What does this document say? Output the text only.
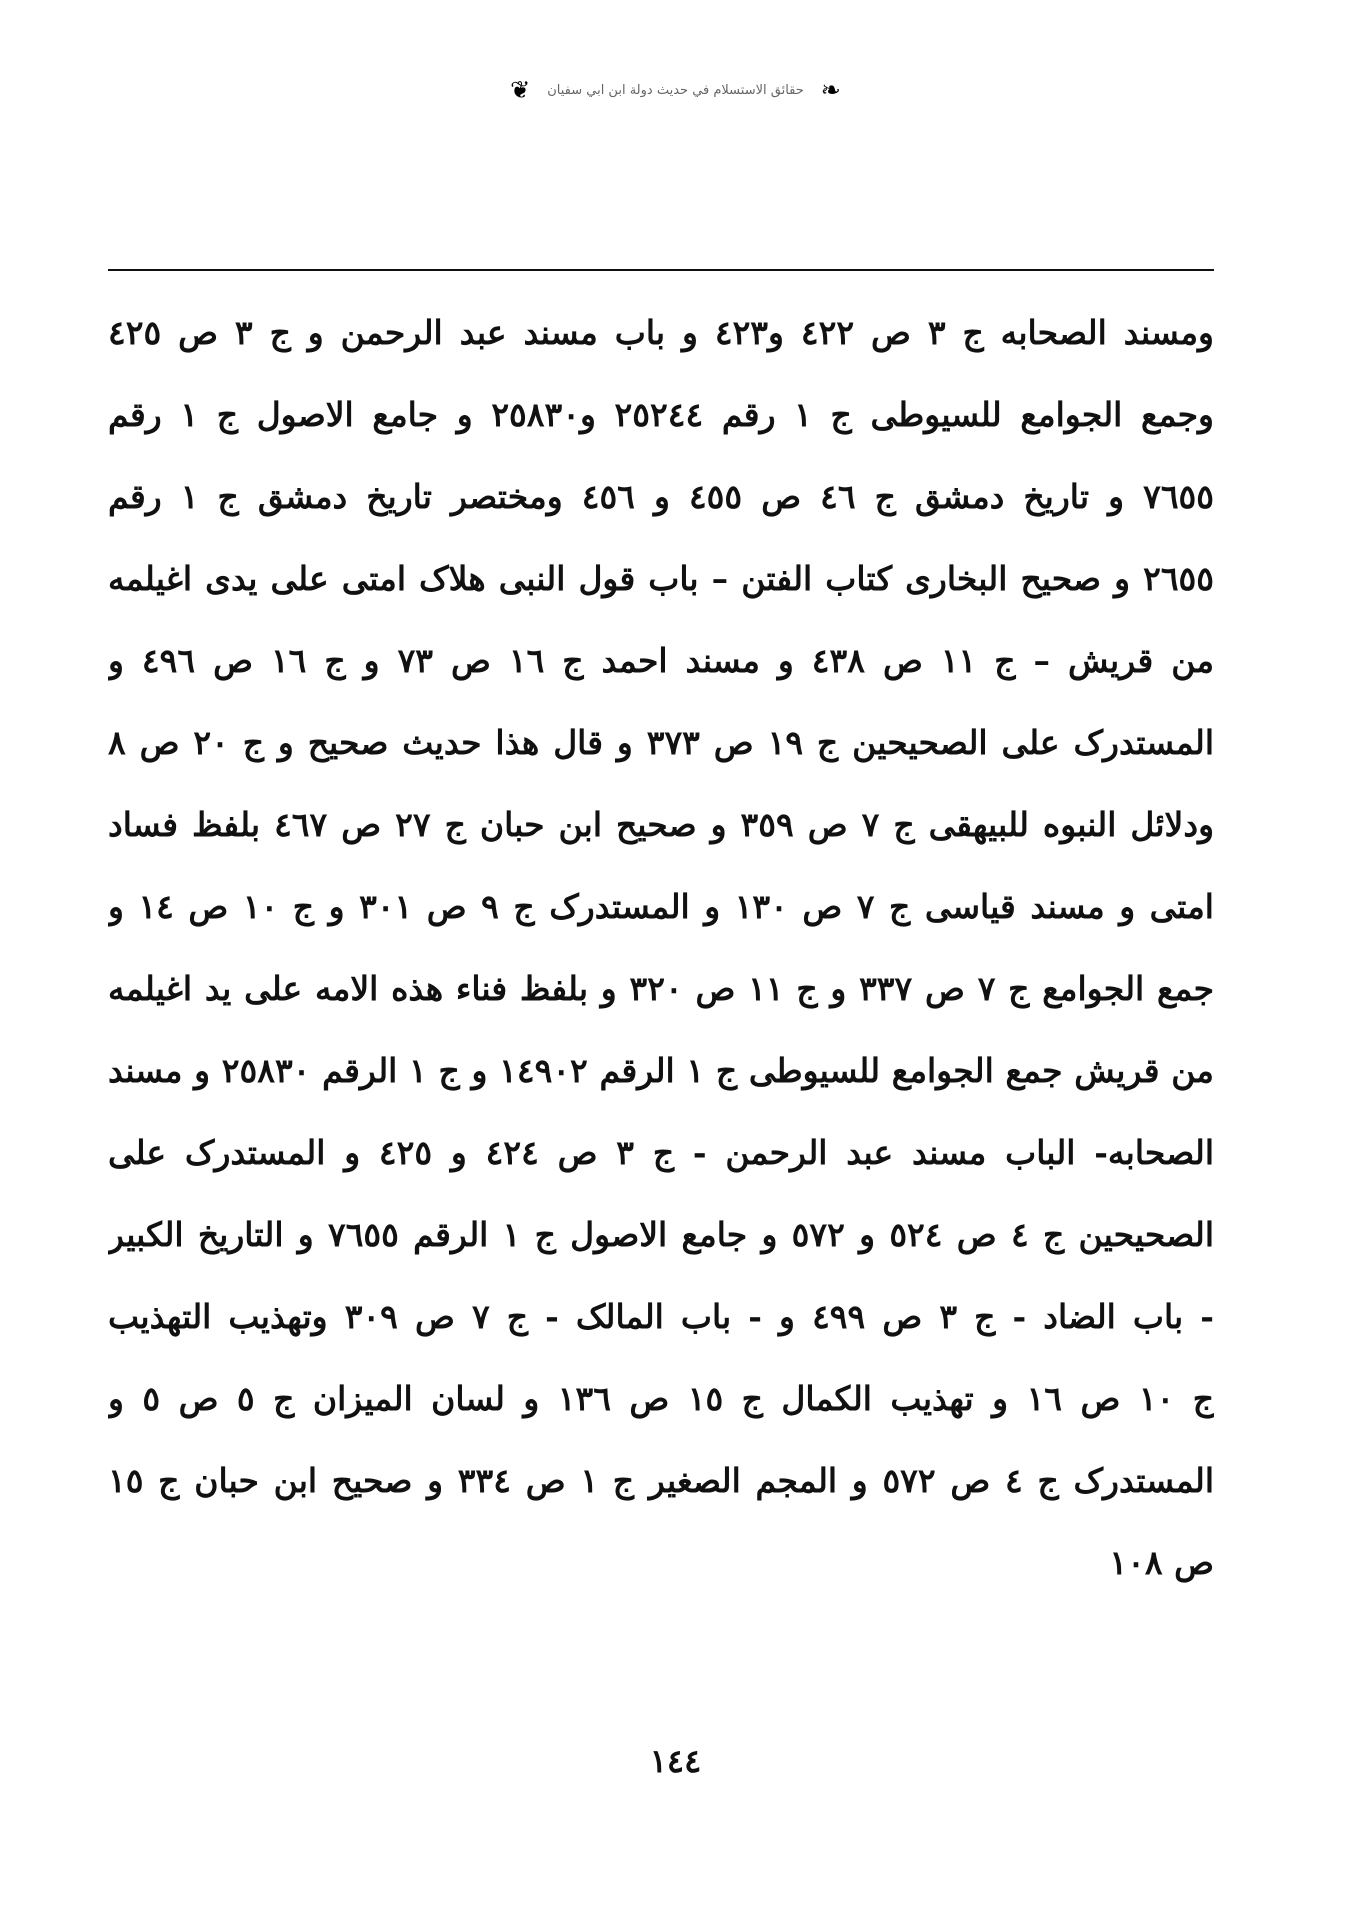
❦ حقائق الاستسلام في حديث دولة ابن ابي سفيان ❧
ومسند الصحابه ج ٣ ص ٤٢٢ و٤٢٣ و باب مسند عبد الرحمن و ج ٣ ص ٤٢٥
وجمع الجوامع للسيوطى ج ١ رقم ٢٥٢٤٤ و٢٥٨٣٠ و جامع الاصول ج ١ رقم
٧٦٥٥ و تاريخ دمشق ج ٤٦ ص ٤٥٥ و ٤٥٦ ومختصر تاريخ دمشق ج ١ رقم
٢٦٥٥ و صحيح البخارى كتاب الفتن – باب قول النبى هلاک امتى على يدى اغيلمه
من قريش – ج ١١ ص ٤٣٨ و مسند احمد ج ١٦ ص ٧٣ و ج ١٦ ص ٤٩٦ و
المستدرک على الصحيحين ج ١٩ ص ٣٧٣ و قال هذا حديث صحيح و ج ٢٠ ص ٨
ودلائل النبوه للبيهقى ج ٧ ص ٣٥٩ و صحيح ابن حبان ج ٢٧ ص ٤٦٧ بلفظ فساد
امتى و مسند قياسى ج ٧ ص ١٣٠ و المستدرک ج ٩ ص ٣٠١ و ج ١٠ ص ١٤ و
جمع الجوامع ج ٧ ص ٣٣٧ و ج ١١ ص ٣٢٠ و بلفظ فناء هذه الامه على يد اغيلمه
من قريش جمع الجوامع للسيوطى ج ١ الرقم ١٤٩٠٢ و ج ١ الرقم ٢٥٨٣٠ و مسند
الصحابه- الباب مسند عبد الرحمن - ج ٣ ص ٤٢٤ و ٤٢٥ و المستدرک على
الصحيحين ج ٤ ص ٥٢٤ و ٥٧٢ و جامع الاصول ج ١ الرقم ٧٦٥٥ و التاريخ الكبير
- باب الضاد - ج ٣ ص ٤٩٩ و - باب المالک - ج ٧ ص ٣٠٩ وتهذيب التهذيب
ج ١٠ ص ١٦ و تهذيب الكمال ج ١٥ ص ١٣٦ و لسان الميزان ج ٥ ص ٥ و
المستدرک ج ٤ ص ٥٧٢ و المجم الصغير ج ١ ص ٣٣٤ و صحيح ابن حبان ج ١٥
ص ١٠٨
١٤٤
